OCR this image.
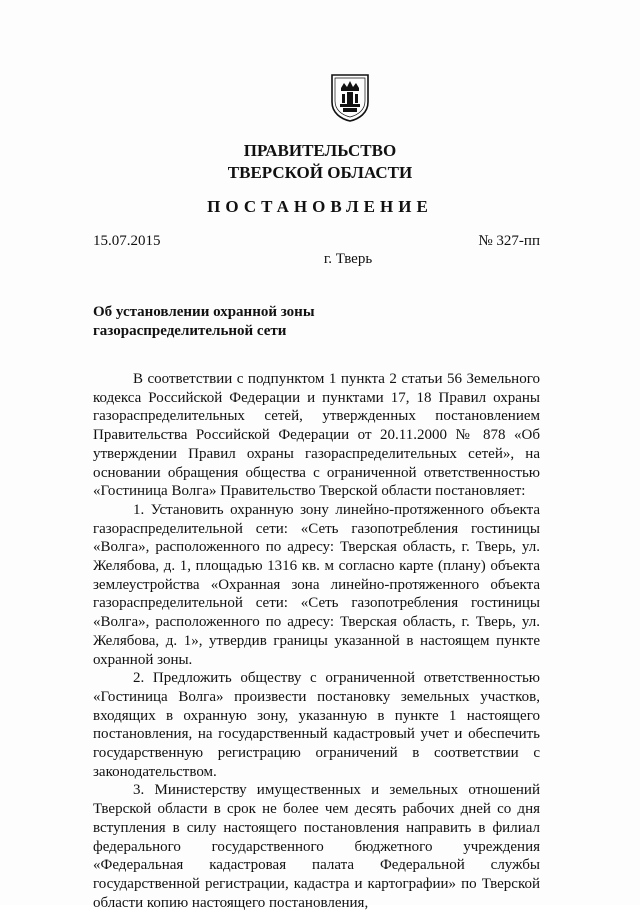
ПРАВИТЕЛЬСТВО
ТВЕРСКОЙ ОБЛАСТИ
ПОСТАНОВЛЕНИЕ
15.07.2015	№ 327-пп
г. Тверь
Об установлении охранной зоны
газораспределительной сети

В соответствии с подпунктом 1 пункта 2 статьи 56 Земельного кодекса Российской Федерации и пунктами 17, 18 Правил охраны газораспределительных сетей, утвержденных постановлением Правительства Российской Федерации от 20.11.2000 № 878 «Об утверждении Правил охраны газораспределительных сетей», на основании обращения общества с ограниченной ответственностью «Гостиница Волга» Правительство Тверской области постановляет:

1. Установить охранную зону линейно-протяженного объекта газораспределительной сети: «Сеть газопотребления гостиницы «Волга», расположенного по адресу: Тверская область, г. Тверь, ул. Желябова, д. 1, площадью 1316 кв. м согласно карте (плану) объекта землеустройства «Охранная зона линейно-протяженного объекта газораспределительной сети: «Сеть газопотребления гостиницы «Волга», расположенного по адресу: Тверская область, г. Тверь, ул. Желябова, д. 1», утвердив границы указанной в настоящем пункте охранной зоны.

2. Предложить обществу с ограниченной ответственностью «Гостиница Волга» произвести постановку земельных участков, входящих в охранную зону, указанную в пункте 1 настоящего постановления, на государственный кадастровый учет и обеспечить государственную регистрацию ограничений в соответствии с законодательством.

3. Министерству имущественных и земельных отношений Тверской области в срок не более чем десять рабочих дней со дня вступления в силу настоящего постановления направить в филиал федерального государственного бюджетного учреждения «Федеральная кадастровая палата Федеральной службы государственной регистрации, кадастра и картографии» по Тверской области копию настоящего постановления,
